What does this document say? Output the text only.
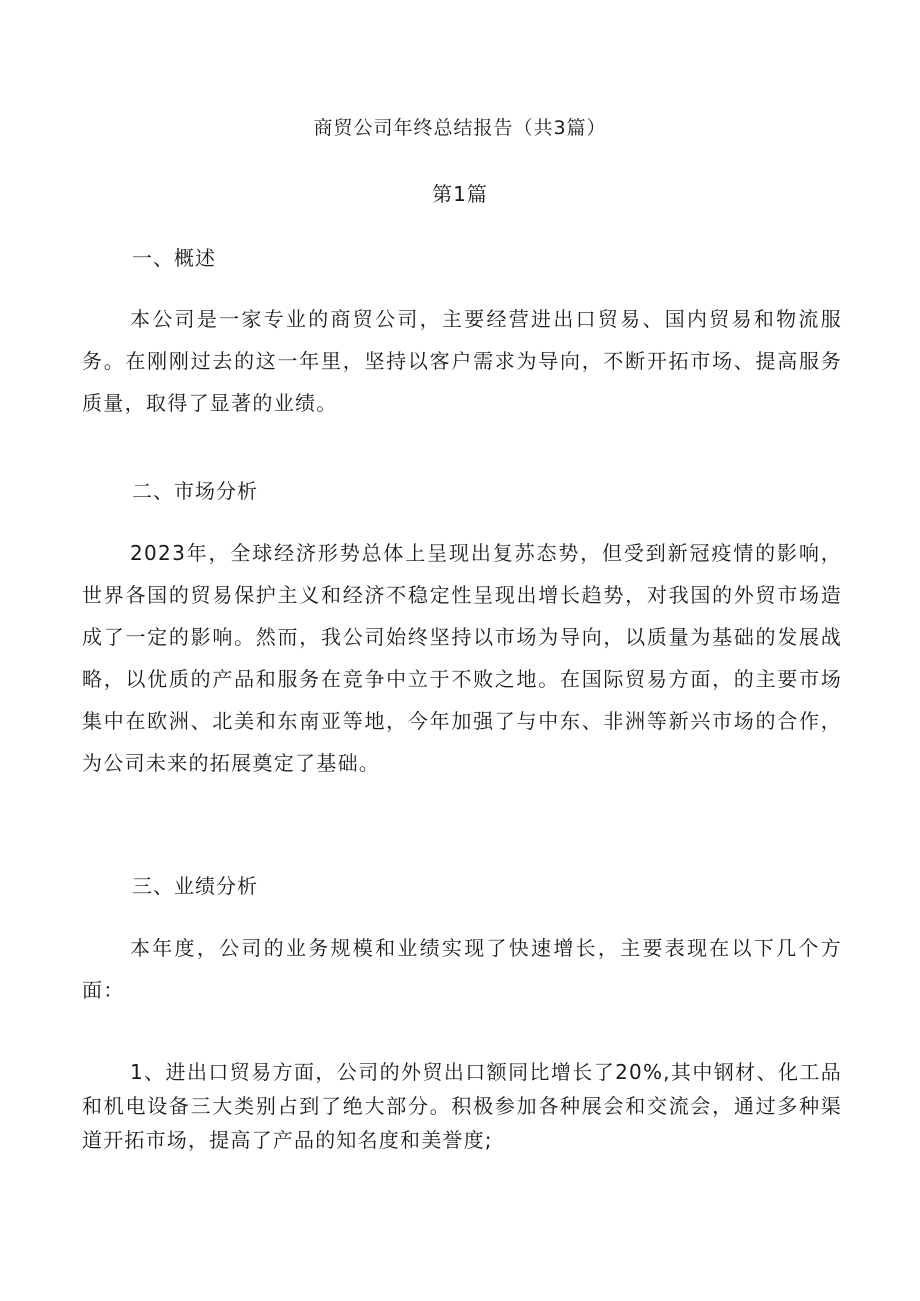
商贸公司年终总结报告（共3篇）
第1篇
一、概述
本公司是一家专业的商贸公司，主要经营进出口贸易、国内贸易和物流服务。在刚刚过去的这一年里，坚持以客户需求为导向，不断开拓市场、提高服务质量，取得了显著的业绩。
二、市场分析
2023年，全球经济形势总体上呈现出复苏态势，但受到新冠疫情的影响，世界各国的贸易保护主义和经济不稳定性呈现出增长趋势，对我国的外贸市场造成了一定的影响。然而，我公司始终坚持以市场为导向，以质量为基础的发展战略，以优质的产品和服务在竞争中立于不败之地。在国际贸易方面，的主要市场集中在欧洲、北美和东南亚等地，今年加强了与中东、非洲等新兴市场的合作，为公司未来的拓展奠定了基础。
三、业绩分析
本年度，公司的业务规模和业绩实现了快速增长，主要表现在以下几个方面：
1、进出口贸易方面，公司的外贸出口额同比增长了20%,其中钢材、化工品和机电设备三大类别占到了绝大部分。积极参加各种展会和交流会，通过多种渠道开拓市场，提高了产品的知名度和美誉度;
